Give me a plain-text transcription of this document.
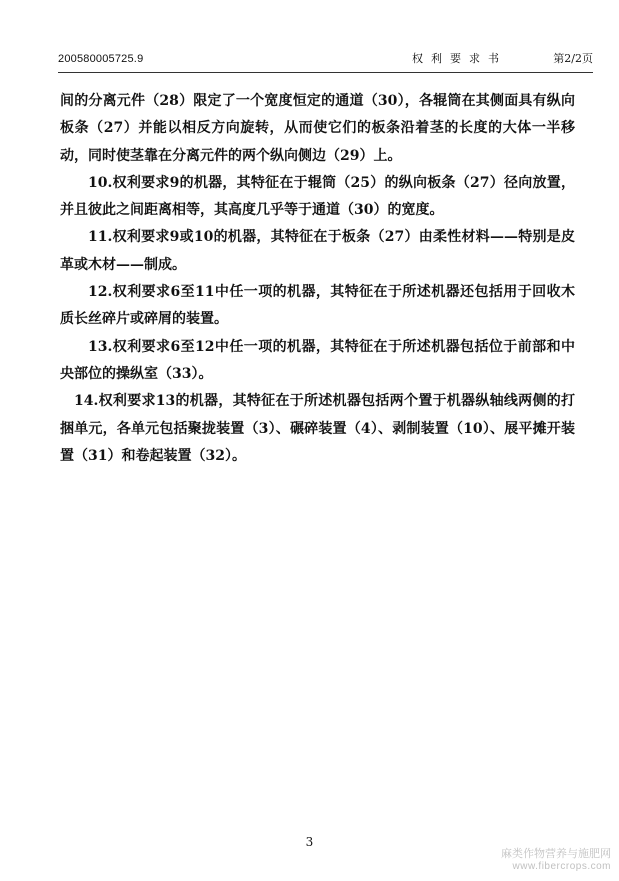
200580005725.9	权利要求书	第2/2页

间的分离元件（28）限定了一个宽度恒定的通道（30），各辊筒在其侧面具有纵向板条（27）并能以相反方向旋转，从而使它们的板条沿着茎的长度的大体一半移动，同时使茎靠在分离元件的两个纵向侧边（29）上。

10.权利要求9的机器，其特征在于辊筒（25）的纵向板条（27）径向放置，并且彼此之间距离相等，其高度几乎等于通道（30）的宽度。

11.权利要求9或10的机器，其特征在于板条（27）由柔性材料——特别是皮革或木材——制成。

12.权利要求6至11中任一项的机器，其特征在于所述机器还包括用于回收木质长丝碎片或碎屑的装置。

13.权利要求6至12中任一项的机器，其特征在于所述机器包括位于前部和中央部位的操纵室（33）。

14.权利要求13的机器，其特征在于所述机器包括两个置于机器纵轴线两侧的打捆单元，各单元包括聚拢装置（3）、碾碎装置（4）、剥制装置（10）、展平摊开装置（31）和卷起装置（32）。

3
麻类作物营养与施肥网
www.fibercrops.com
